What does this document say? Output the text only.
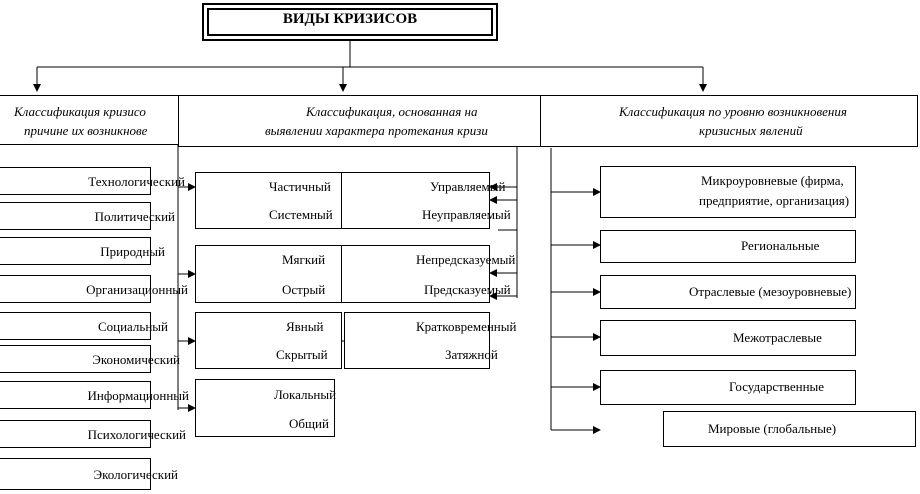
ВИДЫ КРИЗИСОВ
Классификация кризисо
причине их возникнове
Классификация, основанная на
выявлении характера протекания кризи
Классификация по уровню возникновения
кризисных явлений
Технологический
Политический
Природный
Организационный
Социальный
Экономический
Информационный
Психологический
Экологический
Частичный
Системный
Мягкий
Острый
Явный
Скрытый
Локальный
Общий
Управляемый
Неуправляемый
Непредсказуемый
Предсказуемый
Кратковременный
Затяжной
Микроуровневые (фирма,
предприятие, организация)
Региональные
Отраслевые (мезоуровневые)
Межотраслевые
Государственные
Мировые (глобальные)
